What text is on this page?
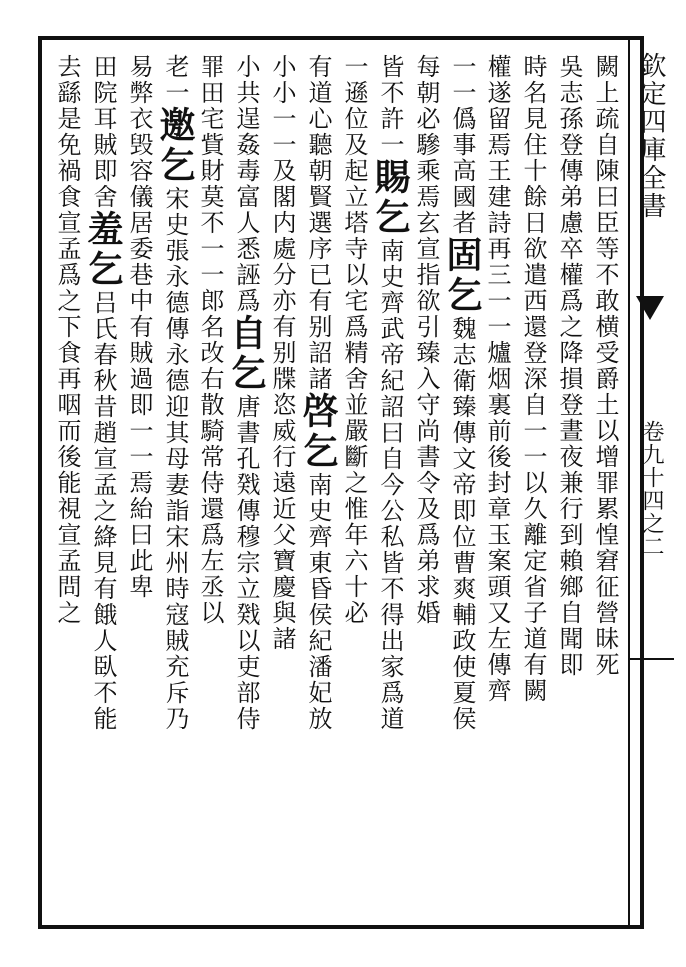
欽定四庫全書
卷九十四之二
闕上疏自陳曰臣等不敢横受爵土以增罪累惶窘征營昧死
吳志孫登傳弟慮卒權爲之降損登晝夜兼行到賴鄉自聞即
時名見住十餘日欲遣西還登深自一一以久離定省子道有闕
權遂留焉王建詩再三一一爐烟裏前後封章玉案頭又左傳齊
一一僞事高國者固乞魏志衛臻傳文帝即位曹爽輔政使夏侯
每朝必驂乘焉玄宣指欲引臻入守尚書令及爲弟求婚
皆不許一賜乞南史齊武帝紀詔曰自今公私皆不得出家爲道
一遜位及起立塔寺以宅爲精舍並嚴斷之惟年六十必
有道心聽朝賢選序已有别詔諸啓乞南史齊東昏侯紀潘妃放
小小一一及閣内處分亦有别牒恣威行遠近父寶慶與諸
小共逞姦毒富人悉誣爲自乞唐書孔戣傳穆宗立戣以吏部侍
罪田宅貲財莫不一一郎名改右散騎常侍還爲左丞以
老一邀乞宋史張永德傳永德迎其母妻詣宋州時寇賊充斥乃
易弊衣毁容儀居委巷中有賊過即一一焉紿曰此卑
田院耳賊即舍羞乞吕氏春秋昔趙宣孟之絳見有餓人臥不能
去繇是免禍食宣孟爲之下食再咽而後能視宣孟問之
